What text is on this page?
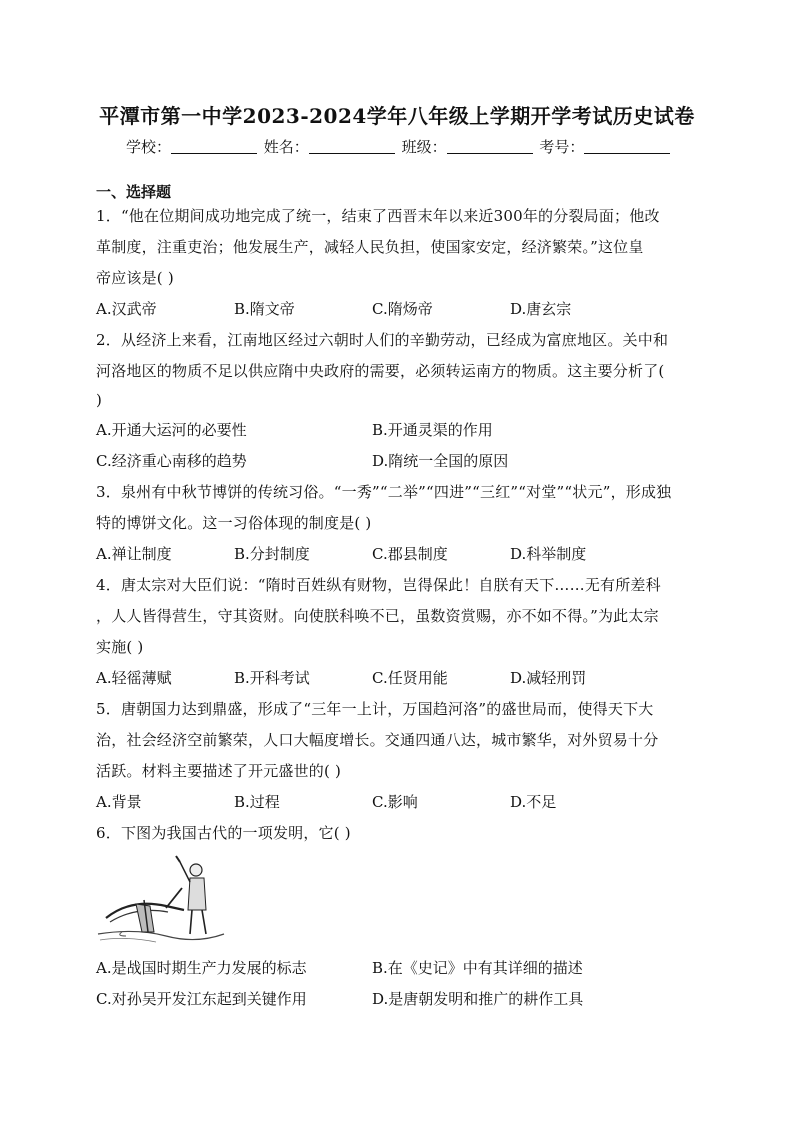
平潭市第一中学2023-2024学年八年级上学期开学考试历史试卷
学校：	姓名：	班级：	考号：
一、选择题
1．“他在位期间成功地完成了统一，结束了西晋末年以来近300年的分裂局面；他改
革制度，注重吏治；他发展生产，减轻人民负担，使国家安定，经济繁荣。”这位皇
帝应该是( )
A.汉武帝	B.隋文帝	C.隋炀帝	D.唐玄宗
2．从经济上来看，江南地区经过六朝时人们的辛勤劳动，已经成为富庶地区。关中和
河洛地区的物质不足以供应隋中央政府的需要，必须转运南方的物质。这主要分析了(
)
A.开通大运河的必要性	B.开通灵渠的作用
C.经济重心南移的趋势	D.隋统一全国的原因
3．泉州有中秋节博饼的传统习俗。“一秀”“二举”“四进”“三红”“对堂”“状元”，形成独
特的博饼文化。这一习俗体现的制度是( )
A.禅让制度	B.分封制度	C.郡县制度	D.科举制度
4．唐太宗对大臣们说：“隋时百姓纵有财物，岂得保此！自朕有天下……无有所差科
，人人皆得营生，守其资财。向使朕科唤不已，虽数资赏赐，亦不如不得。”为此太宗
实施( )
A.轻徭薄赋	B.开科考试	C.任贤用能	D.减轻刑罚
5．唐朝国力达到鼎盛，形成了“三年一上计，万国趋河洛”的盛世局而，使得天下大
治，社会经济空前繁荣，人口大幅度增长。交通四通八达，城市繁华，对外贸易十分
活跃。材料主要描述了开元盛世的( )
A.背景	B.过程	C.影响	D.不足
6．下图为我国古代的一项发明，它( )
A.是战国时期生产力发展的标志	B.在《史记》中有其详细的描述
C.对孙吴开发江东起到关键作用	D.是唐朝发明和推广的耕作工具
